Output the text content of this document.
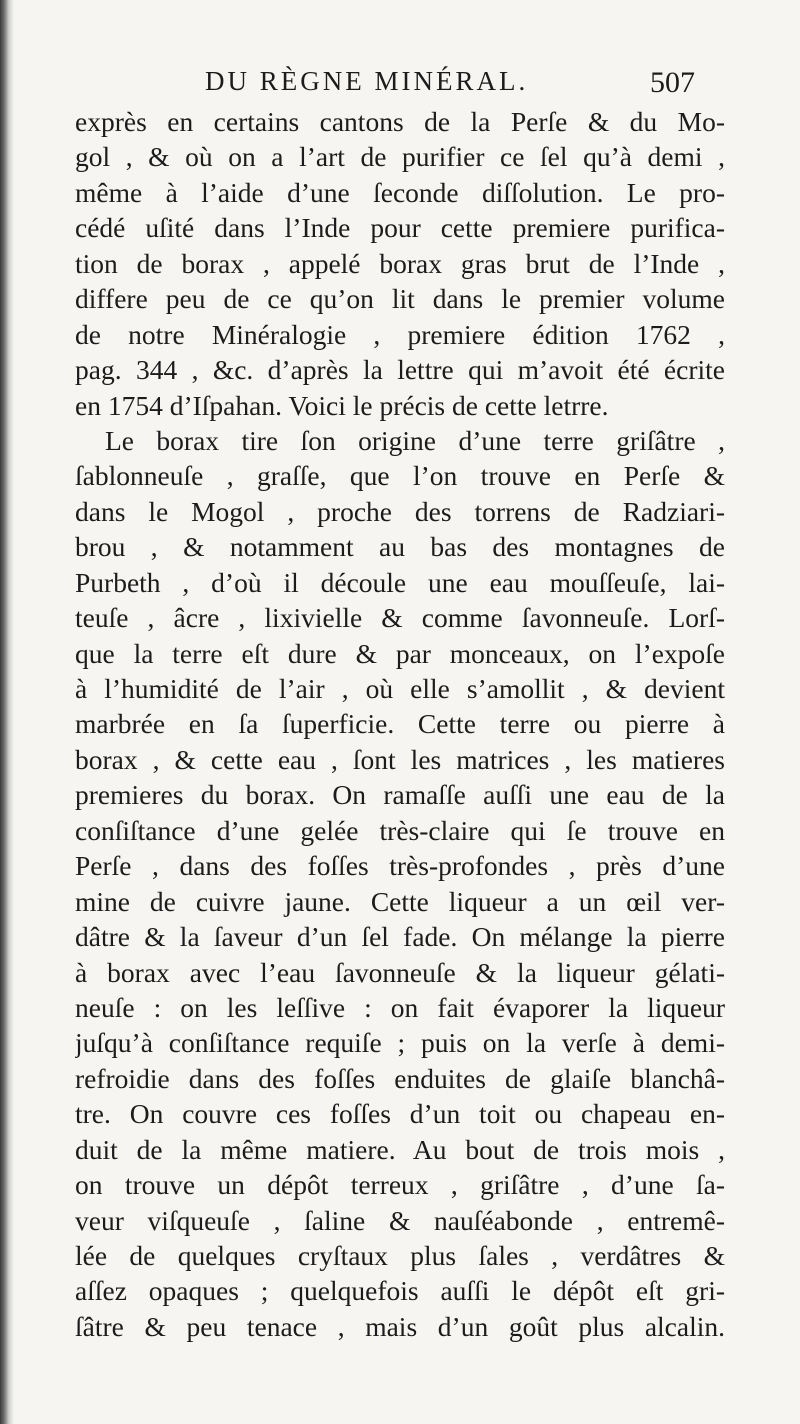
DU RÈGNE MINÉRAL.	507
exprès en certains cantons de la Perſe & du Mo-
gol , & où on a l’art de purifier ce ſel qu’à demi ,
même à l’aide d’une ſeconde diſſolution. Le pro-
cédé uſité dans l’Inde pour cette premiere purifica-
tion de borax , appelé borax gras brut de l’Inde ,
differe peu de ce qu’on lit dans le premier volume
de notre Minéralogie , premiere édition 1762 ,
pag. 344 , &c. d’après la lettre qui m’avoit été écrite
en 1754 d’Iſpahan. Voici le précis de cette letrre.
Le borax tire ſon origine d’une terre griſâtre ,
ſablonneuſe , graſſe, que l’on trouve en Perſe &
dans le Mogol , proche des torrens de Radziari-
brou , & notamment au bas des montagnes de
Purbeth , d’où il découle une eau mouſſeuſe, lai-
teuſe , âcre , lixivielle & comme ſavonneuſe. Lorſ-
que la terre eſt dure & par monceaux, on l’expoſe
à l’humidité de l’air , où elle s’amollit , & devient
marbrée en ſa ſuperficie. Cette terre ou pierre à
borax , & cette eau , ſont les matrices , les matieres
premieres du borax. On ramaſſe auſſi une eau de la
conſiſtance d’une gelée très-claire qui ſe trouve en
Perſe , dans des foſſes très-profondes , près d’une
mine de cuivre jaune. Cette liqueur a un œil ver-
dâtre & la ſaveur d’un ſel fade. On mélange la pierre
à borax avec l’eau ſavonneuſe & la liqueur gélati-
neuſe : on les leſſive : on fait évaporer la liqueur
juſqu’à conſiſtance requiſe ; puis on la verſe à demi-
refroidie dans des foſſes enduites de glaiſe blanchâ-
tre. On couvre ces foſſes d’un toit ou chapeau en-
duit de la même matiere. Au bout de trois mois ,
on trouve un dépôt terreux , griſâtre , d’une ſa-
veur viſqueuſe , ſaline & nauſéabonde , entremê-
lée de quelques cryſtaux plus ſales , verdâtres &
aſſez opaques ; quelquefois auſſi le dépôt eſt gri-
ſâtre & peu tenace , mais d’un goût plus alcalin.
